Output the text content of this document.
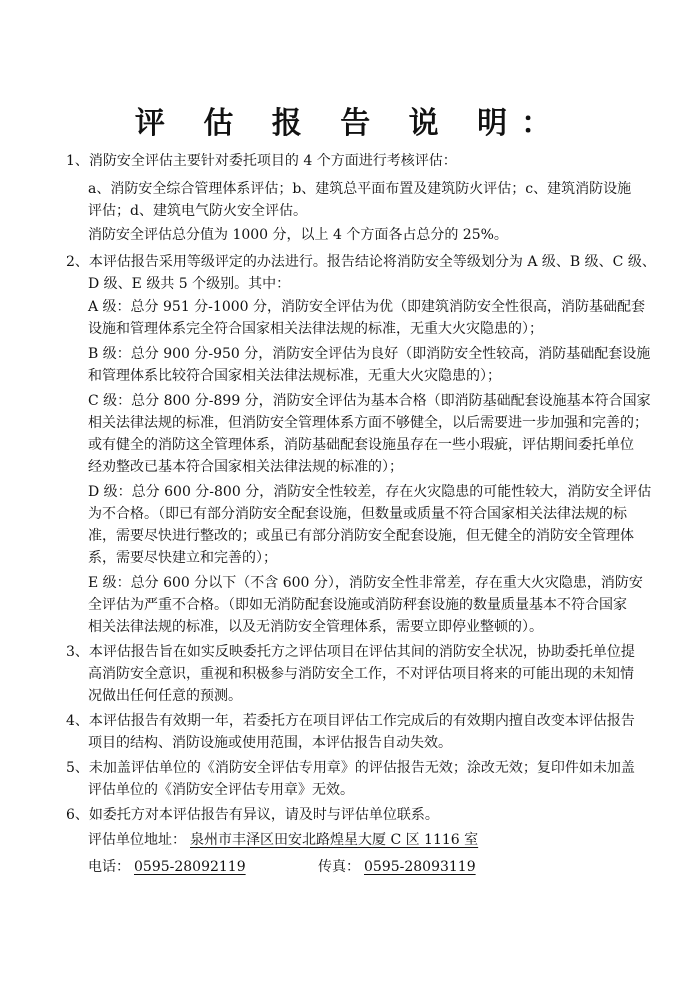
评 估 报 告 说 明：

1、消防安全评估主要针对委托项目的 4 个方面进行考核评估：

a、消防安全综合管理体系评估；b、建筑总平面布置及建筑防火评估；c、建筑消防设施

评估；d、建筑电气防火安全评估。

消防安全评估总分值为 1000 分，以上 4 个方面各占总分的 25%。

2、本评估报告采用等级评定的办法进行。报告结论将消防安全等级划分为 A 级、B 级、C 级、

D 级、E 级共 5 个级别。其中：

A 级：总分 951 分-1000 分，消防安全评估为优（即建筑消防安全性很高，消防基础配套

设施和管理体系完全符合国家相关法律法规的标准，无重大火灾隐患的）；

B 级：总分 900 分-950 分，消防安全评估为良好（即消防安全性较高，消防基础配套设施

和管理体系比较符合国家相关法律法规标准，无重大火灾隐患的）；

C 级：总分 800 分-899 分，消防安全评估为基本合格（即消防基础配套设施基本符合国家

相关法律法规的标准，但消防安全管理体系方面不够健全，以后需要进一步加强和完善的；

或有健全的消防这全管理体系，消防基础配套设施虽存在一些小瑕疵，评估期间委托单位

经劝整改已基本符合国家相关法律法规的标准的）；

D 级：总分 600 分-800 分，消防安全性较差，存在火灾隐患的可能性较大，消防安全评估

为不合格。（即已有部分消防安全配套设施，但数量或质量不符合国家相关法律法规的标

准，需要尽快进行整改的；或虽已有部分消防安全配套设施，但无健全的消防安全管理体

系，需要尽快建立和完善的）；

E 级：总分 600 分以下（不含 600 分），消防安全性非常差，存在重大火灾隐患，消防安

全评估为严重不合格。（即如无消防配套设施或消防秤套设施的数量质量基本不符合国家

相关法律法规的标准，以及无消防安全管理体系，需要立即停业整顿的）。

3、本评估报告旨在如实反映委托方之评估项目在评估其间的消防安全状况，协助委托单位提

高消防安全意识，重视和积极参与消防安全工作，不对评估项目将来的可能出现的未知情

况做出任何任意的预测。

4、本评估报告有效期一年，若委托方在项目评估工作完成后的有效期内擅自改变本评估报告

项目的结构、消防设施或使用范围，本评估报告自动失效。

5、未加盖评估单位的《消防安全评估专用章》的评估报告无效；涂改无效；复印件如未加盖

评估单位的《消防安全评估专用章》无效。

6、如委托方对本评估报告有异议，请及时与评估单位联系。

评估单位地址： 泉州市丰泽区田安北路煌星大厦 C 区 1116 室

电话： 0595-28092119	传真： 0595-28093119
